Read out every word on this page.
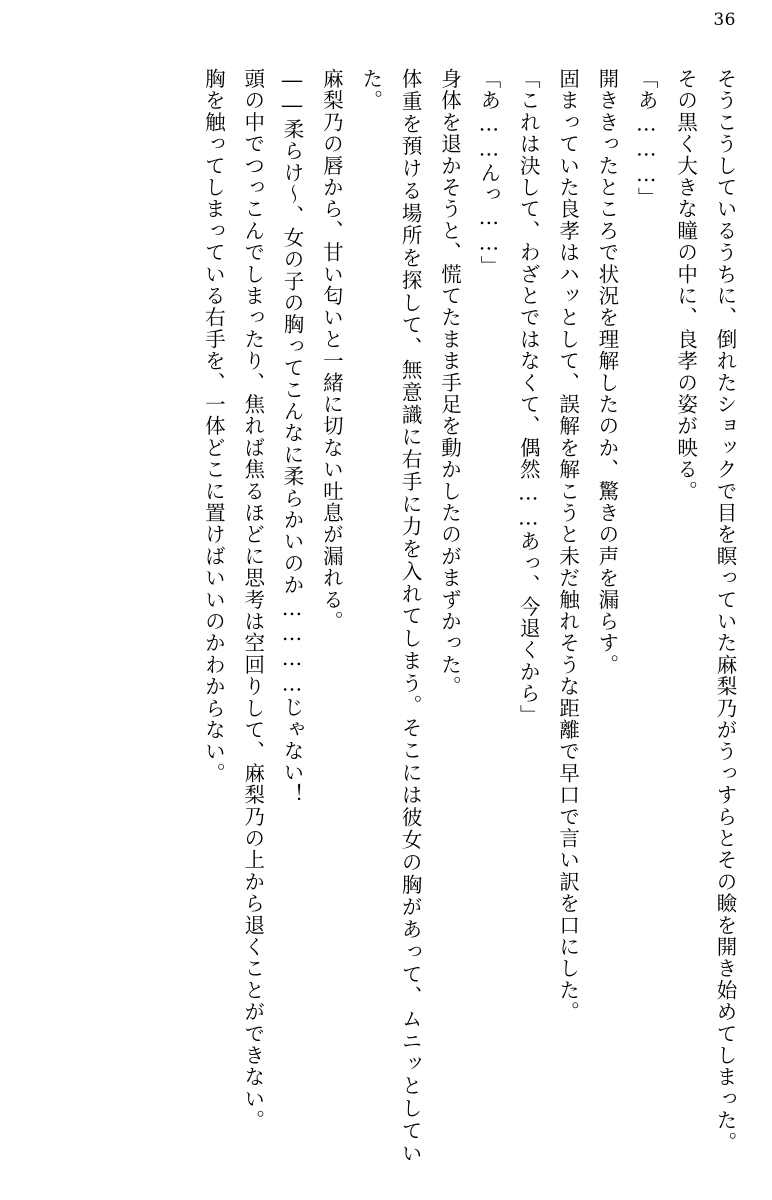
36

そうこうしているうちに、倒れたショックで目を瞑っていた麻梨乃がうっすらとその瞼を開き始めてしまった。

その黒く大きな瞳の中に、良孝の姿が映る。

「あ………」

開ききったところで状況を理解したのか、驚きの声を漏らす。

固まっていた良孝はハッとして、誤解を解こうと未だ触れそうな距離で早口で言い訳を口にした。

「これは決して、わざとではなくて、偶然……あっ、今退くから」

「あ……んっ……」

身体を退かそうと、慌てたまま手足を動かしたのがまずかった。

体重を預ける場所を探して、無意識に右手に力を入れてしまう。そこには彼女の胸があって、ムニッとしていた。

麻梨乃の唇から、甘い匂いと一緒に切ない吐息が漏れる。

――柔らけ～、女の子の胸ってこんなに柔らかいのか…………じゃない！

頭の中でつっこんでしまったり、焦れば焦るほどに思考は空回りして、麻梨乃の上から退くことができない。

胸を触ってしまっている右手を、一体どこに置けばいいのかわからない。
